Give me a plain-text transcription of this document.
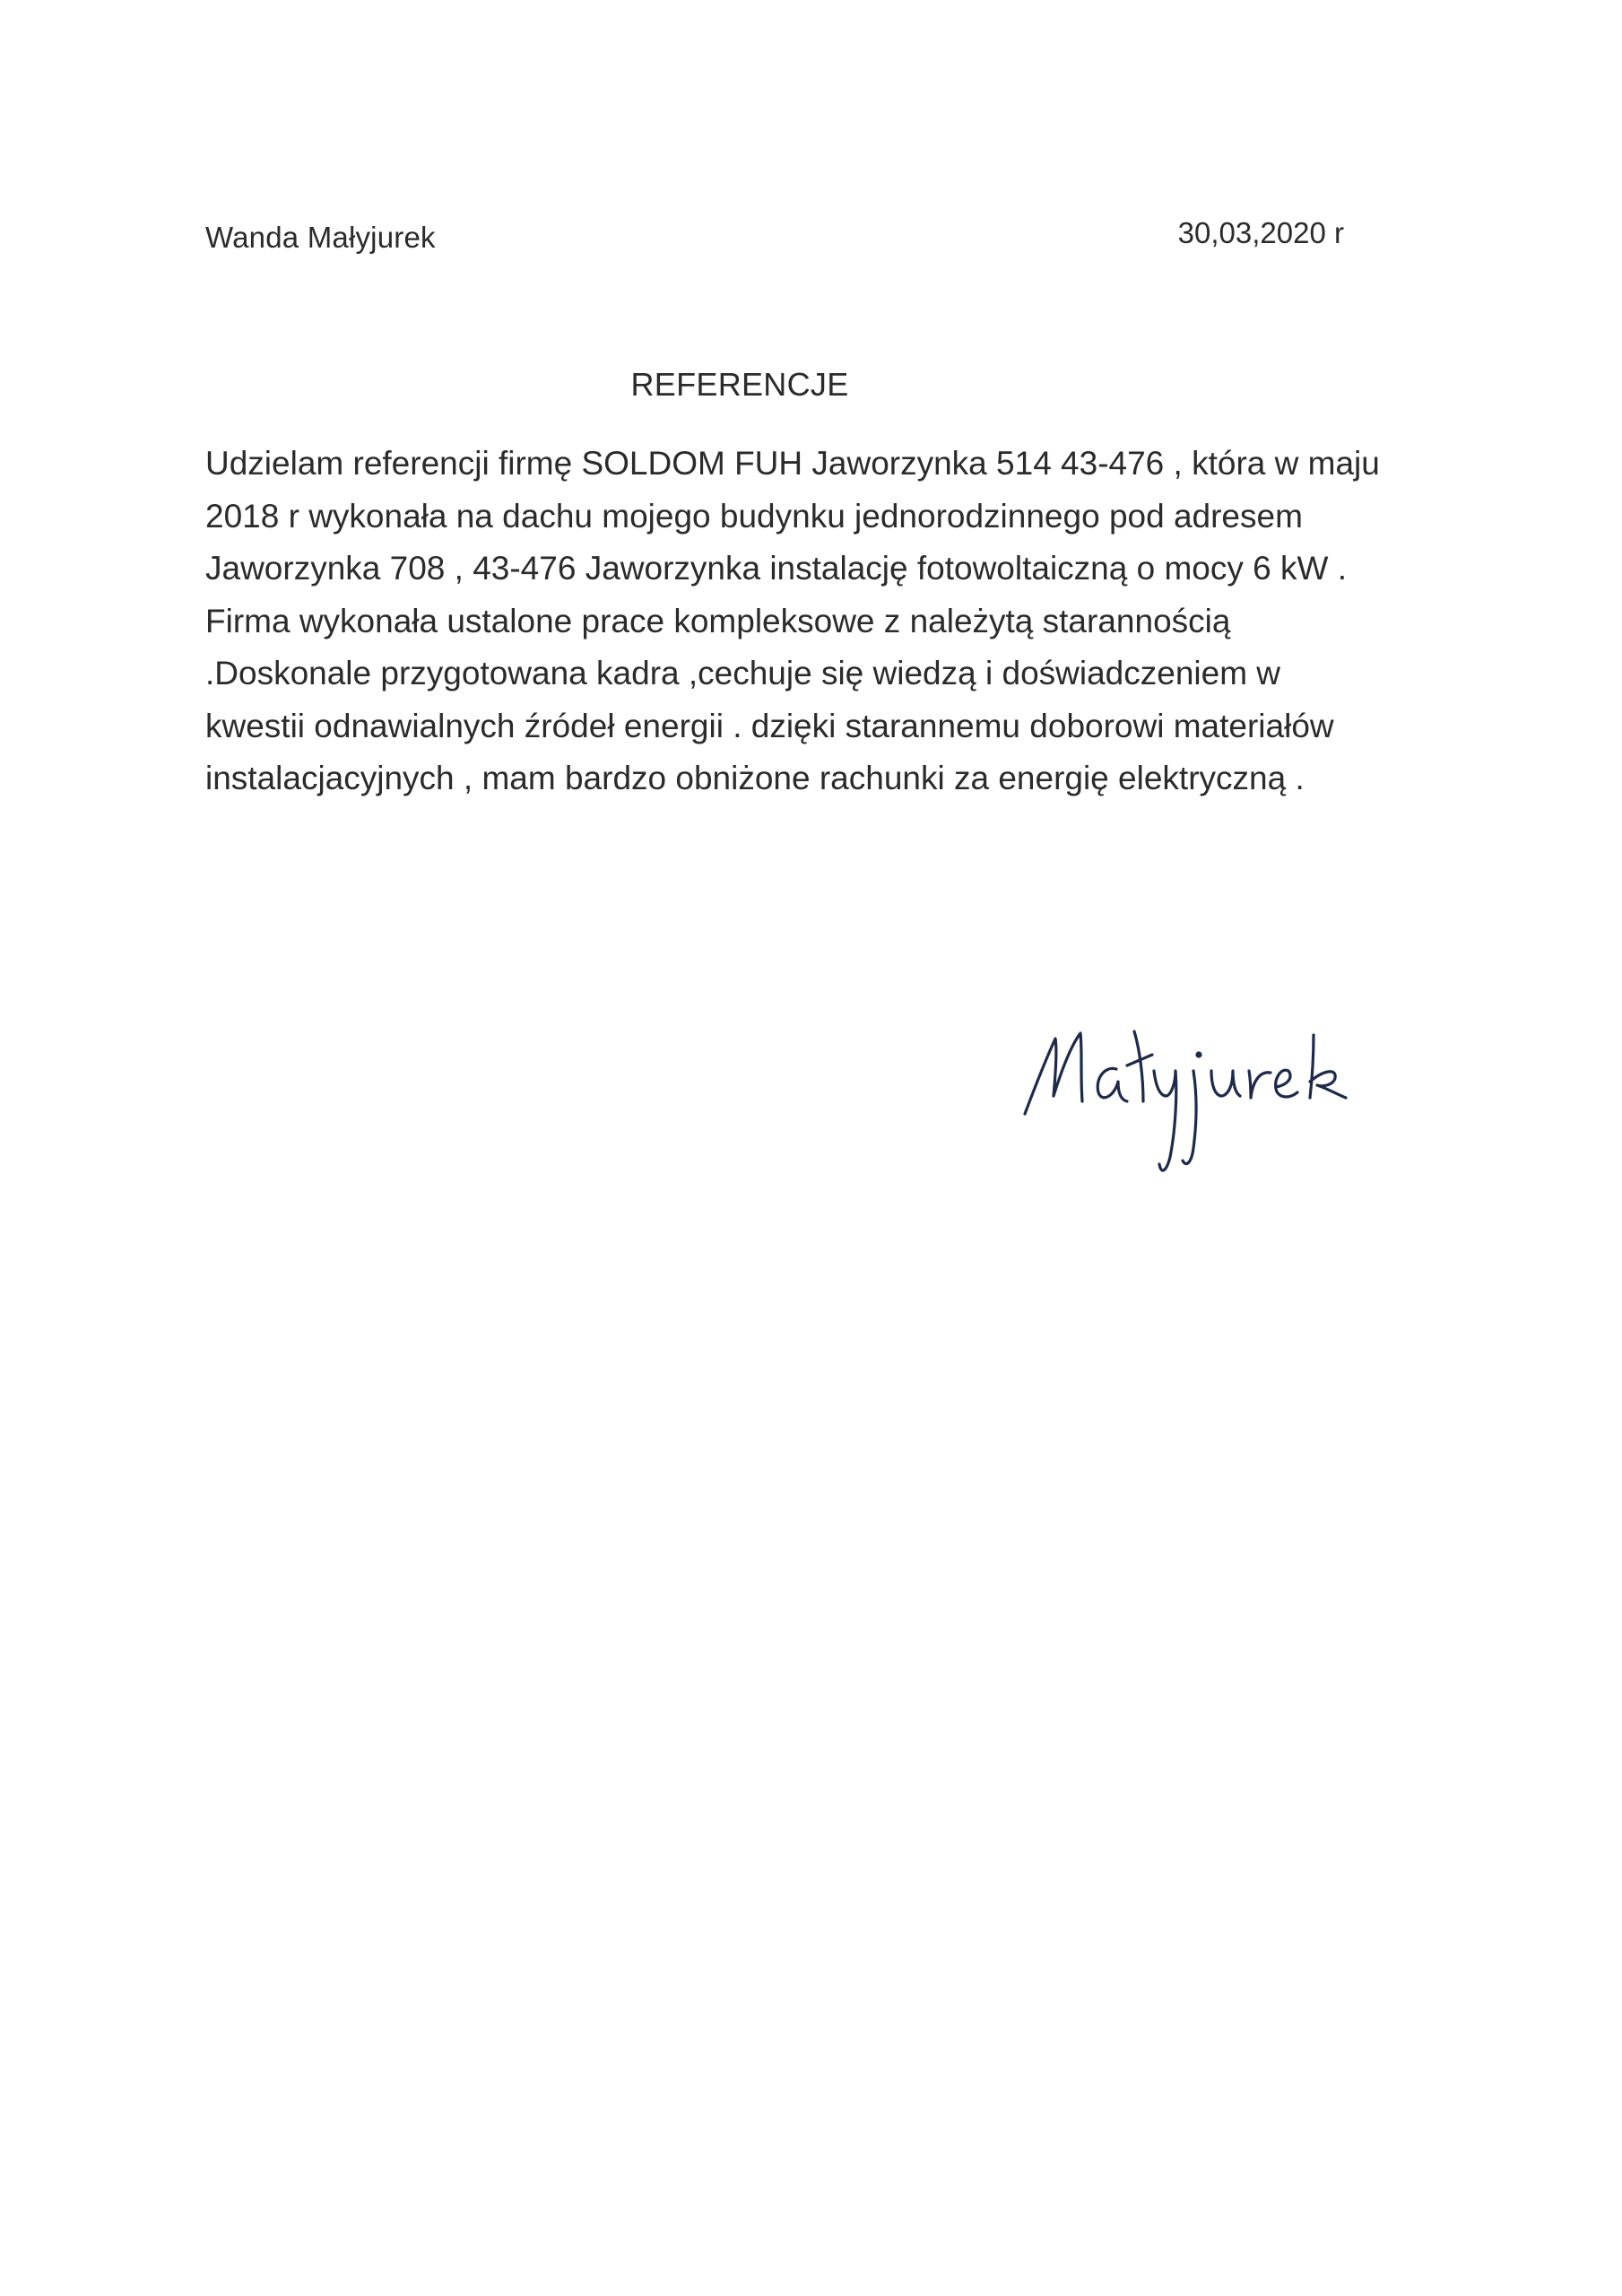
Wanda Małyjurek	30,03,2020 r
REFERENCJE
Udzielam referencji firmę SOLDOM FUH Jaworzynka 514 43-476 , która w maju
2018 r wykonała na dachu mojego budynku jednorodzinnego pod adresem
Jaworzynka 708 , 43-476 Jaworzynka instalację fotowoltaiczną o mocy 6 kW .
Firma wykonała ustalone prace kompleksowe z należytą starannością
.Doskonale przygotowana kadra ,cechuje się wiedzą i doświadczeniem w
kwestii odnawialnych źródeł energii . dzięki starannemu doborowi materiałów
instalacjacyjnych , mam bardzo obniżone rachunki za energię elektryczną .
